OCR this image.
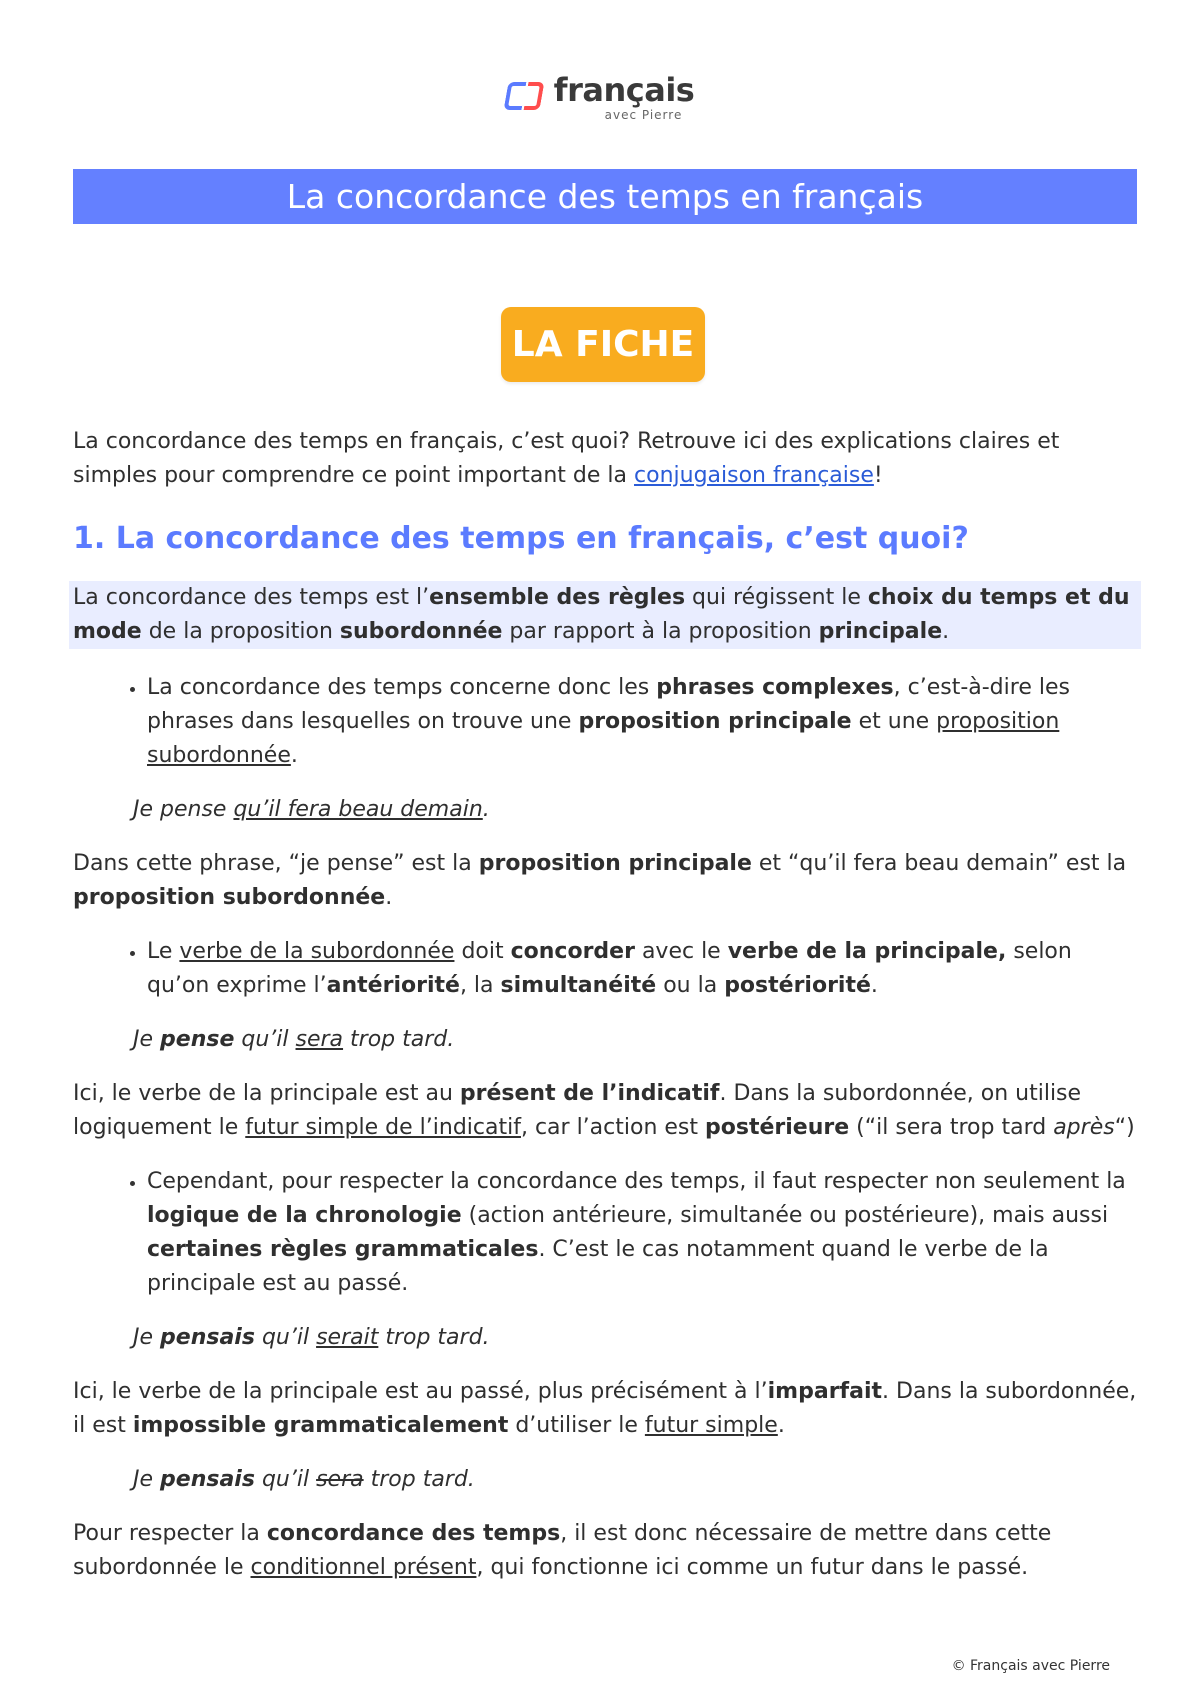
français
avec Pierre
La concordance des temps en français
LA FICHE

La concordance des temps en français, c’est quoi? Retrouve ici des explications claires et simples pour comprendre ce point important de la conjugaison française!

1. La concordance des temps en français, c’est quoi?

La concordance des temps est l’ensemble des règles qui régissent le choix du temps et du mode de la proposition subordonnée par rapport à la proposition principale.

• La concordance des temps concerne donc les phrases complexes, c’est-à-dire les phrases dans lesquelles on trouve une proposition principale et une proposition subordonnée.

Je pense qu’il fera beau demain.

Dans cette phrase, “je pense” est la proposition principale et “qu’il fera beau demain” est la proposition subordonnée.

• Le verbe de la subordonnée doit concorder avec le verbe de la principale, selon qu’on exprime l’antériorité, la simultanéité ou la postériorité.

Je pense qu’il sera trop tard.

Ici, le verbe de la principale est au présent de l’indicatif. Dans la subordonnée, on utilise logiquement le futur simple de l’indicatif, car l’action est postérieure (“il sera trop tard après“)

• Cependant, pour respecter la concordance des temps, il faut respecter non seulement la logique de la chronologie (action antérieure, simultanée ou postérieure), mais aussi certaines règles grammaticales. C’est le cas notamment quand le verbe de la principale est au passé.

Je pensais qu’il serait trop tard.

Ici, le verbe de la principale est au passé, plus précisément à l’imparfait. Dans la subordonnée, il est impossible grammaticalement d’utiliser le futur simple.

Je pensais qu’il sera trop tard.

Pour respecter la concordance des temps, il est donc nécessaire de mettre dans cette subordonnée le conditionnel présent, qui fonctionne ici comme un futur dans le passé.

© Français avec Pierre
